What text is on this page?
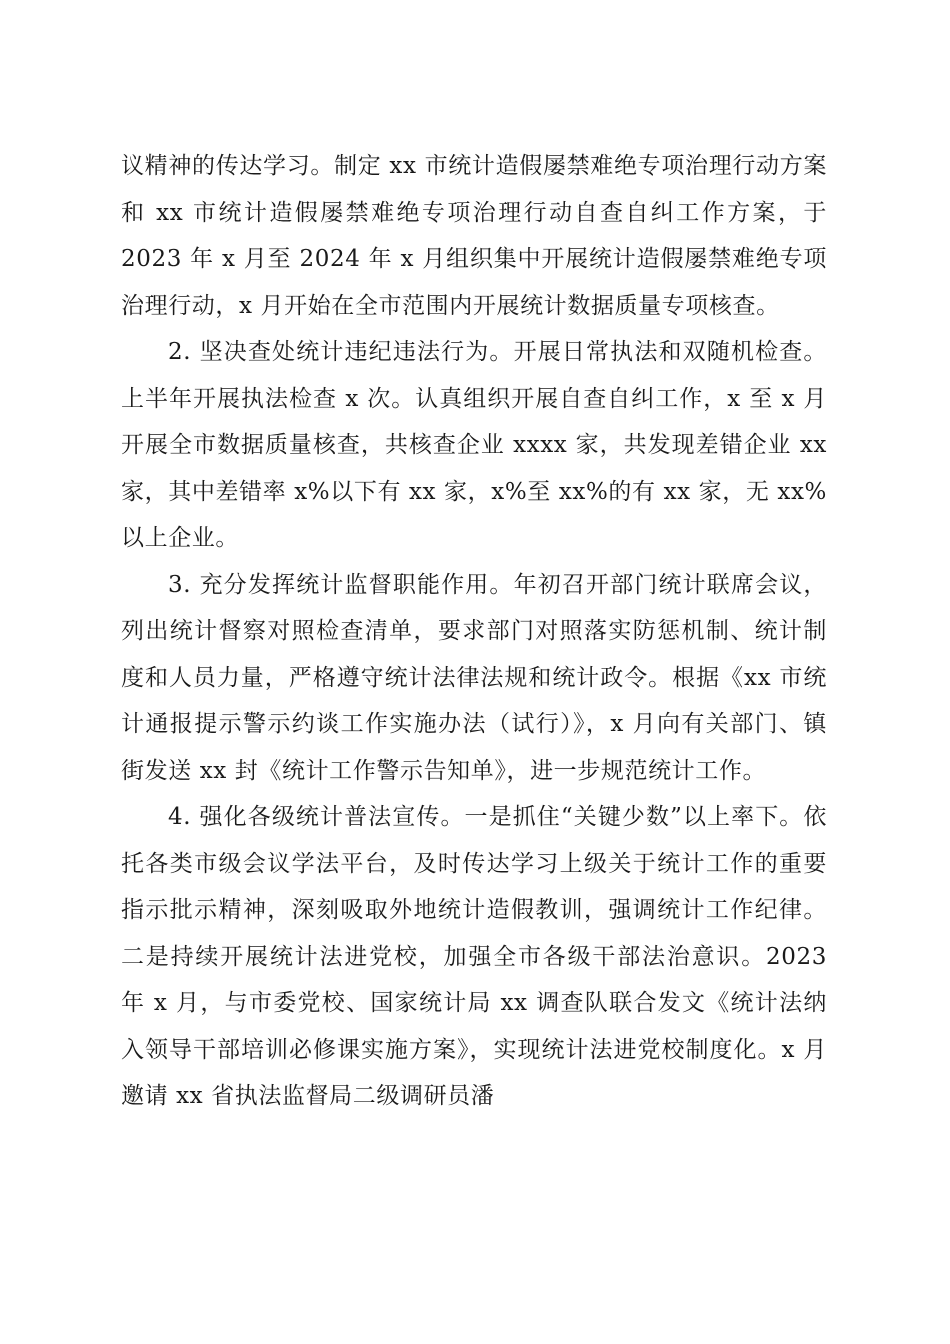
议精神的传达学习。制定 xx 市统计造假屡禁难绝专项治理行动方案和 xx 市统计造假屡禁难绝专项治理行动自查自纠工作方案，于 2023 年 x 月至 2024 年 x 月组织集中开展统计造假屡禁难绝专项治理行动，x 月开始在全市范围内开展统计数据质量专项核查。

2. 坚决查处统计违纪违法行为。开展日常执法和双随机检查。上半年开展执法检查 x 次。认真组织开展自查自纠工作，x 至 x 月开展全市数据质量核查，共核查企业 xxxx 家，共发现差错企业 xx 家，其中差错率 x%以下有 xx 家，x%至 xx%的有 xx 家，无 xx%以上企业。

3. 充分发挥统计监督职能作用。年初召开部门统计联席会议，列出统计督察对照检查清单，要求部门对照落实防惩机制、统计制度和人员力量，严格遵守统计法律法规和统计政令。根据《xx 市统计通报提示警示约谈工作实施办法（试行）》，x 月向有关部门、镇街发送 xx 封《统计工作警示告知单》，进一步规范统计工作。

4. 强化各级统计普法宣传。一是抓住“关键少数”以上率下。依托各类市级会议学法平台，及时传达学习上级关于统计工作的重要指示批示精神，深刻吸取外地统计造假教训，强调统计工作纪律。二是持续开展统计法进党校，加强全市各级干部法治意识。2023 年 x 月，与市委党校、国家统计局 xx 调查队联合发文《统计法纳入领导干部培训必修课实施方案》，实现统计法进党校制度化。x 月邀请 xx 省执法监督局二级调研员潘
